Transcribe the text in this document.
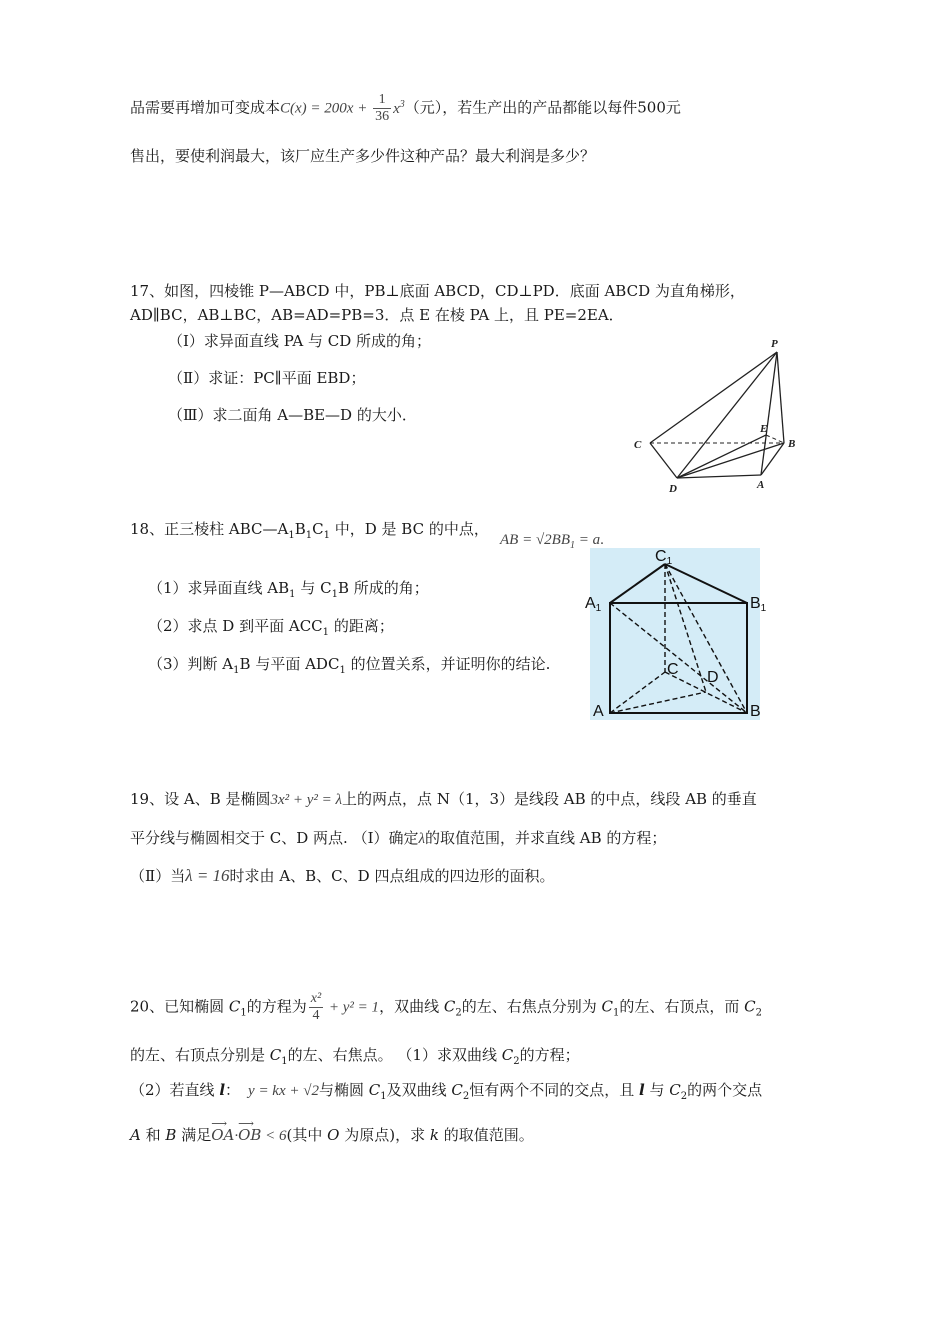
品需要再增加可变成本$C(x) = 200x + \frac{1}{36} x^3$（元），若生产出的产品都能以每件500元
售出，要使利润最大，该厂应生产多少件这种产品？最大利润是多少？
17、如图，四棱锥 P—ABCD 中，PB⊥底面 ABCD，CD⊥PD．底面 ABCD 为直角梯形，
AD∥BC，AB⊥BC，AB=AD=PB=3．点 E 在棱 PA 上，且 PE=2EA．
（Ⅰ）求异面直线 PA 与 CD 所成的角；
（Ⅱ）求证：PC∥平面 EBD；
（Ⅲ）求二面角 A—BE—D 的大小．
P
E
B
C
D	A
18、正三棱柱 $ABC—A_1B_1C_1$ 中，D 是 BC 的中点，
AB = $√2BB_1 = a$.
（1）求异面直线 $AB_1$ 与 $C_1B$ 所成的角；
（2）求点 D 到平面 $ACC_1$ 的距离；
（3）判断 $A_1B$ 与平面 $ADC_1$ 的位置关系，并证明你的结论.
C1
A1	B1
C D
A	B
19、设 A、B 是椭圆3x² + y² = λ上的两点，点 N（1，3）是线段 AB 的中点，线段 AB 的垂直
平分线与椭圆相交于 C、D 两点. （Ⅰ）确定λ的取值范围，并求直线 AB 的方程；
（Ⅱ）当λ = 16时求由 A、B、C、D 四点组成的四边形的面积。
20、已知椭圆 $C_1$的方程为 $\frac{\text{x²}}{4} + y^2 = 1$，双曲线 $C_2$的左、右焦点分别为 $C_1$的左、右顶点，而 $C_2$
的左、右顶点分别是 $C_1$的左、右焦点。 （1）求双曲线 $C_2$的方程；
（2）若直线 l： y = kx + √2与椭圆 $C_1$及双曲线 $C_2$恒有两个不同的交点，且 l 与 $C_2$的两个交点
A 和 B 满足⟶ OA·⟶ OB < 6(其中 O 为原点)，求 k 的取值范围。
